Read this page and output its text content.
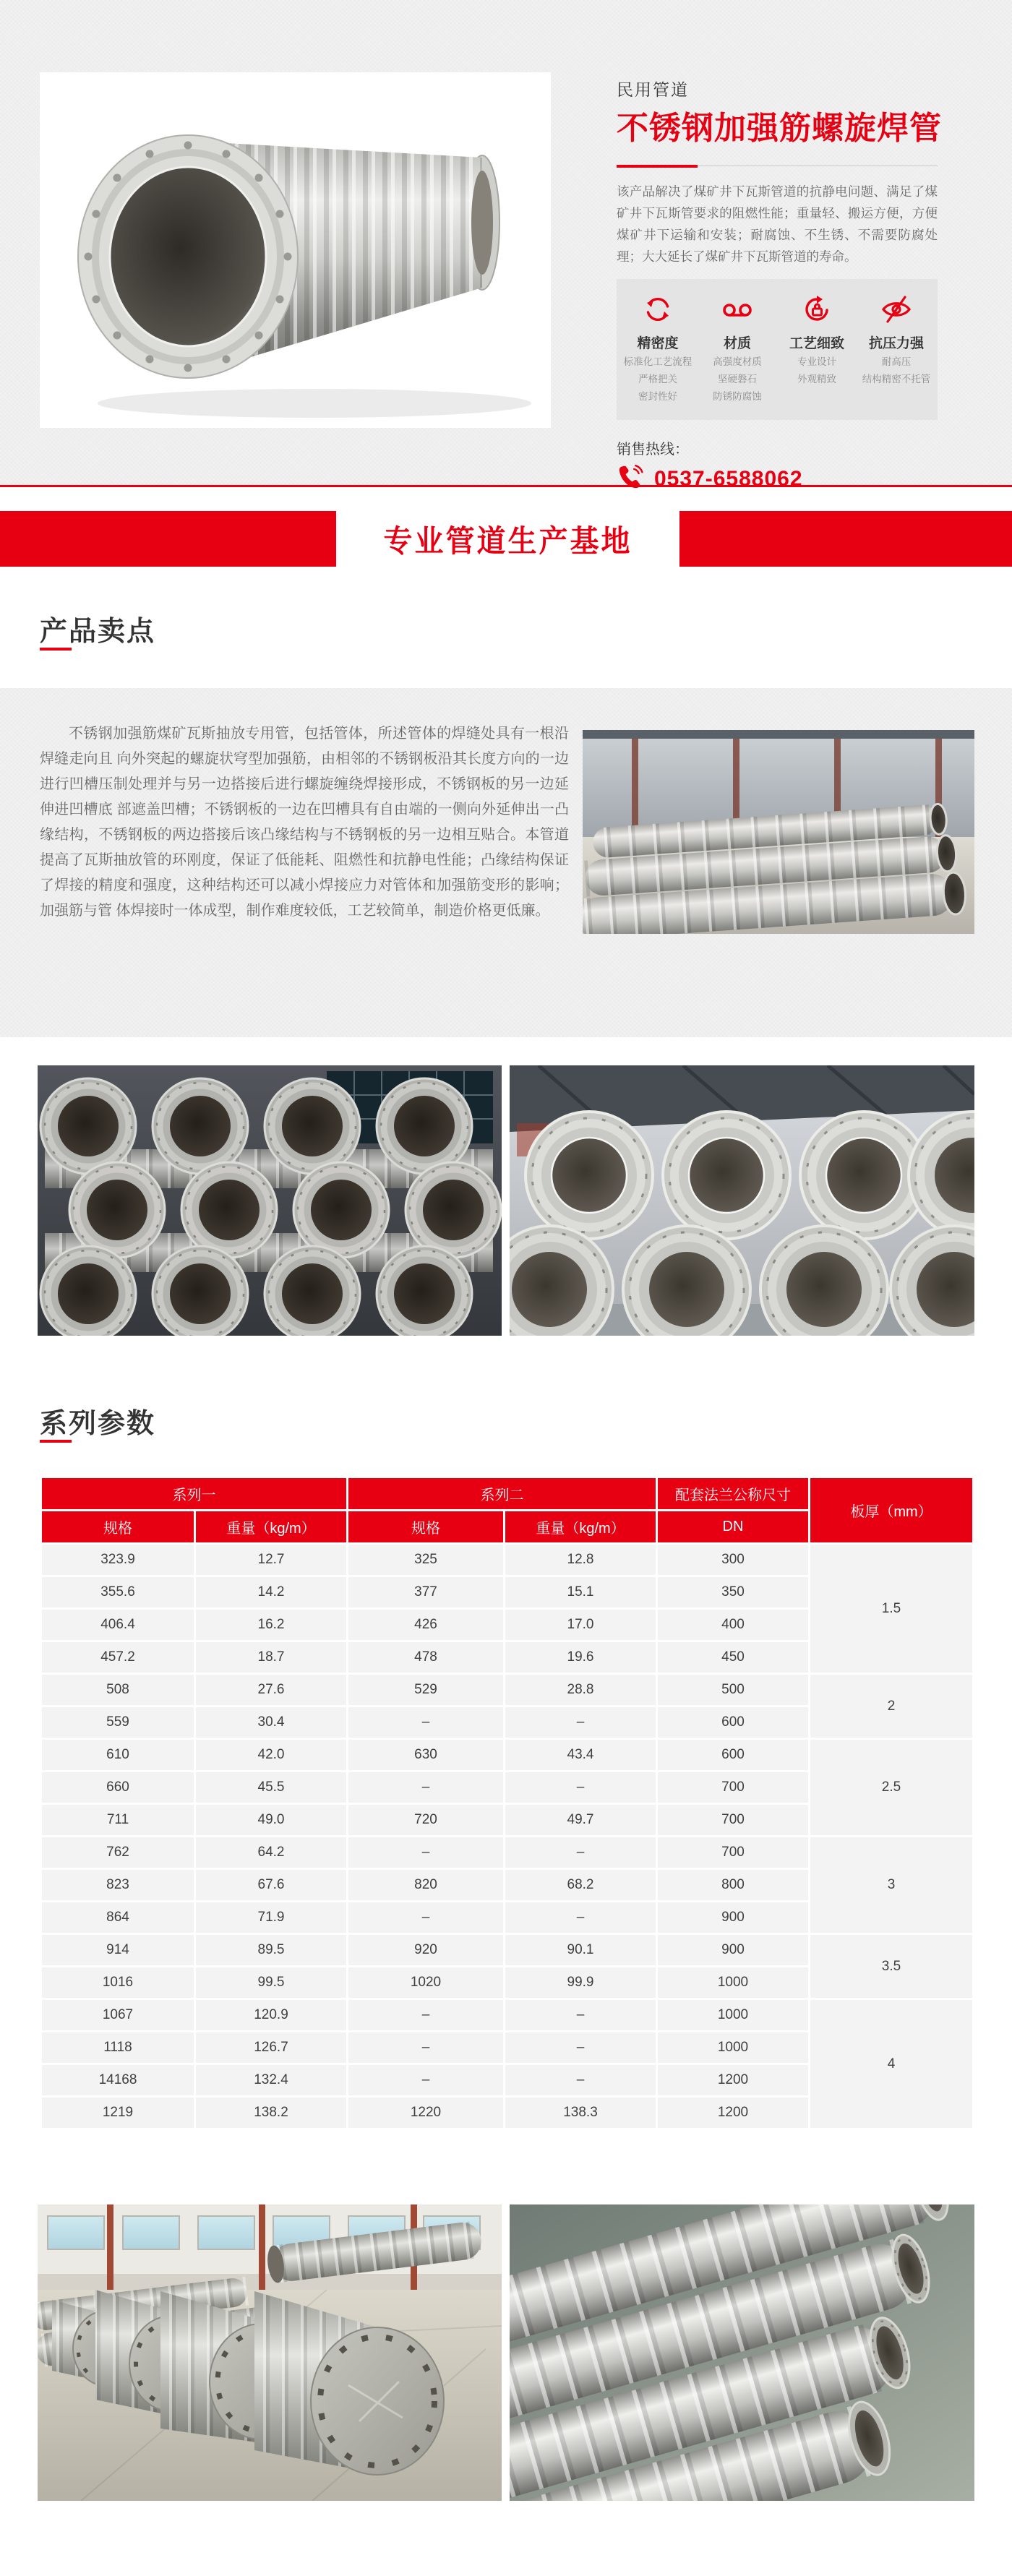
民用管道
不锈钢加强筋螺旋焊管

该产品解决了煤矿井下瓦斯管道的抗静电问题、满足了煤矿井下瓦斯管要求的阻燃性能；重量轻、搬运方便，方便煤矿井下运输和安装；耐腐蚀、不生锈、不需要防腐处理；大大延长了煤矿井下瓦斯管道的寿命。

精密度
标准化工艺流程
严格把关
密封性好
材质
高强度材质
坚硬磐石
防锈防腐蚀
工艺细致
专业设计
外观精致
抗压力强
耐高压
结构精密不托管
销售热线：
0537-6588062
专业管道生产基地
产品卖点

不锈钢加强筋煤矿瓦斯抽放专用管，包括管体，所述管体的焊缝处具有一根沿焊缝走向且 向外突起的螺旋状穹型加强筋，由相邻的不锈钢板沿其长度方向的一边进行凹槽压制处理并与另一边搭接后进行螺旋缠绕焊接形成，不锈钢板的另一边延伸进凹槽底 部遮盖凹槽；不锈钢板的一边在凹槽具有自由端的一侧向外延伸出一凸缘结构，不锈钢板的两边搭接后该凸缘结构与不锈钢板的另一边相互贴合。本管道提高了瓦斯抽放管的环刚度，保证了低能耗、阻燃性和抗静电性能；凸缘结构保证了焊接的精度和强度，这种结构还可以减小焊接应力对管体和加强筋变形的影响；加强筋与管 体焊接时一体成型，制作难度较低，工艺较简单，制造价格更低廉。

系列参数
系列一		系列二		配套法兰公称尺寸	板厚（mm）
规格	重量（kg/m）	规格	重量（kg/m）	DN	
323.9	12.7	325	12.8	300	1.5
355.6	14.2	377	15.1	350	
406.4	16.2	426	17.0	400	
457.2	18.7	478	19.6	450	
508	27.6	529	28.8	500	2
559	30.4	–	–	600	
610	42.0	630	43.4	600	2.5
660	45.5	–	–	700	
711	49.0	720	49.7	700	
762	64.2	–	–	700	3
823	67.6	820	68.2	800	
864	71.9	–	–	900	
914	89.5	920	90.1	900	3.5
1016	99.5	1020	99.9	1000	
1067	120.9	–	–	1000	4
1118	126.7	–	–	1000	
14168	132.4	–	–	1200	
1219	138.2	1220	138.3	1200	
